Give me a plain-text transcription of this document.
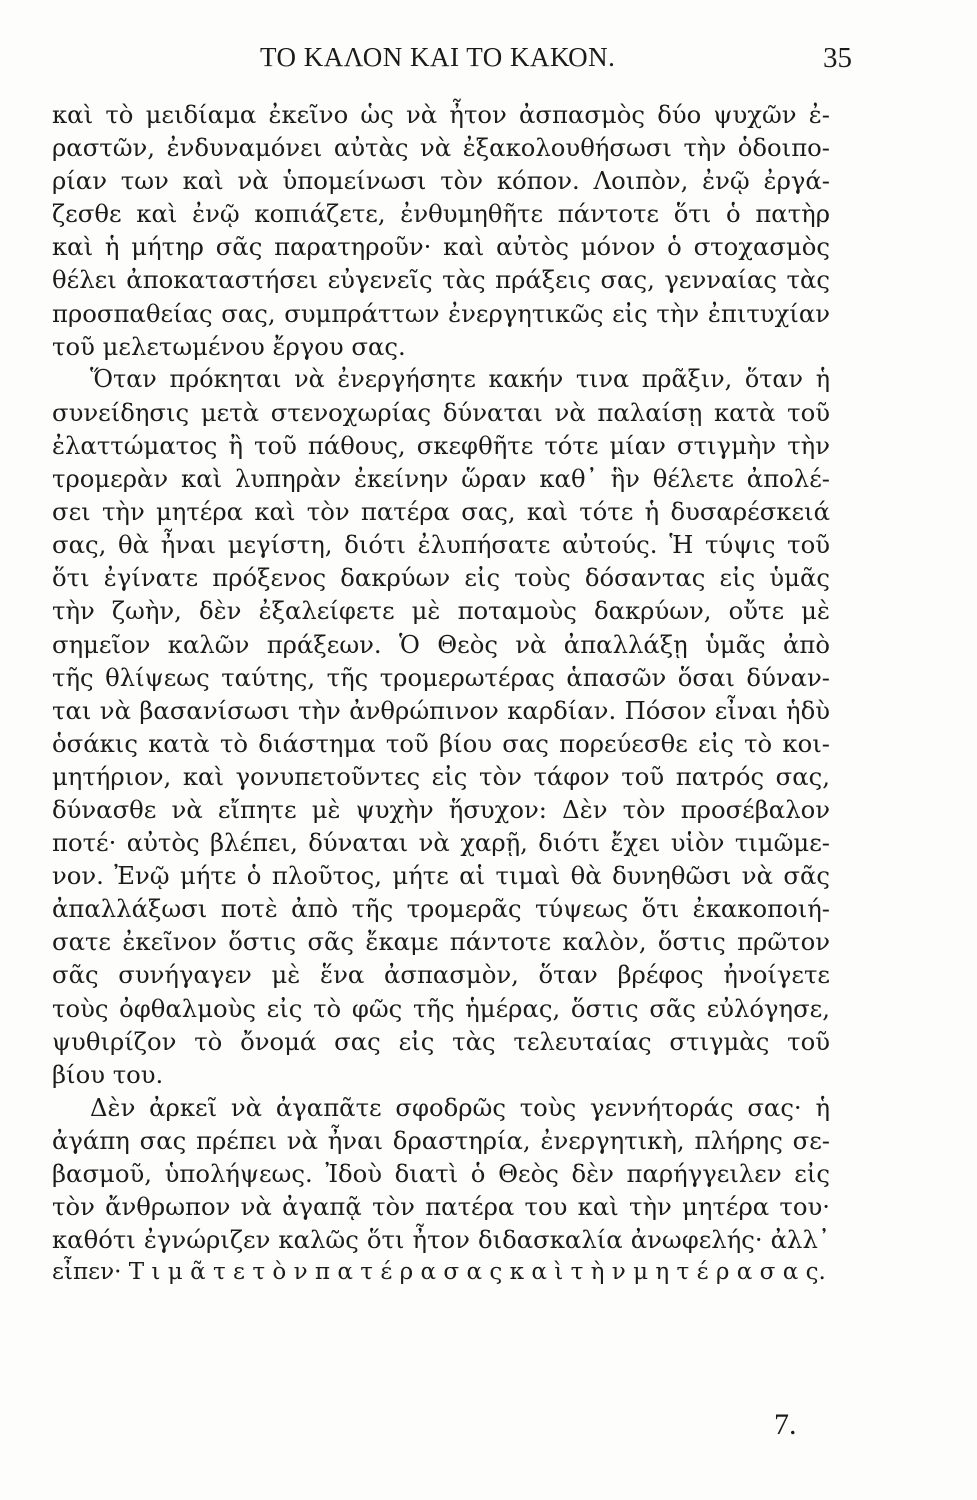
ΤΟ ΚΑΛΟΝ ΚΑΙ ΤΟ ΚΑΚΟΝ.	35
καὶ τὸ μειδίαμα ἐκεῖνο ὡς νὰ ἦτον ἀσπασμὸς δύο ψυχῶν ἐ-
ραστῶν, ἐνδυναμόνει αὐτὰς νὰ ἐξακολουθήσωσι τὴν ὁδοιπο-
ρίαν των καὶ νὰ ὑπομείνωσι τὸν κόπον. Λοιπὸν, ἐνῷ ἐργά-
ζεσθε καὶ ἐνῷ κοπιάζετε, ἐνθυμηθῆτε πάντοτε ὅτι ὁ πατὴρ
καὶ ἡ μήτηρ σᾶς παρατηροῦν· καὶ αὐτὸς μόνον ὁ στοχασμὸς
θέλει ἀποκαταστήσει εὐγενεῖς τὰς πράξεις σας, γενναίας τὰς
προσπαθείας σας, συμπράττων ἐνεργητικῶς εἰς τὴν ἐπιτυχίαν
τοῦ μελετωμένου ἔργου σας.
Ὅταν πρόκηται νὰ ἐνεργήσητε κακήν τινα πρᾶξιν, ὅταν ἡ
συνείδησις μετὰ στενοχωρίας δύναται νὰ παλαίσῃ κατὰ τοῦ
ἐλαττώματος ἢ τοῦ πάθους, σκεφθῆτε τότε μίαν στιγμὴν τὴν
τρομερὰν καὶ λυπηρὰν ἐκείνην ὥραν καθ᾽ ἣν θέλετε ἀπολέ-
σει τὴν μητέρα καὶ τὸν πατέρα σας, καὶ τότε ἡ δυσαρέσκειά
σας, θὰ ἦναι μεγίστη, διότι ἐλυπήσατε αὐτούς. Ἡ τύψις τοῦ
ὅτι ἐγίνατε πρόξενος δακρύων εἰς τοὺς δόσαντας εἰς ὑμᾶς
τὴν ζωὴν, δὲν ἐξαλείφετε μὲ ποταμοὺς δακρύων, οὔτε μὲ
σημεῖον καλῶν πράξεων. Ὁ Θεὸς νὰ ἀπαλλάξῃ ὑμᾶς ἀπὸ
τῆς θλίψεως ταύτης, τῆς τρομερωτέρας ἁπασῶν ὅσαι δύναν-
ται νὰ βασανίσωσι τὴν ἀνθρώπινον καρδίαν. Πόσον εἶναι ἡδὺ
ὁσάκις κατὰ τὸ διάστημα τοῦ βίου σας πορεύεσθε εἰς τὸ κοι-
μητήριον, καὶ γονυπετοῦντες εἰς τὸν τάφον τοῦ πατρός σας,
δύνασθε νὰ εἴπητε μὲ ψυχὴν ἥσυχον: Δὲν τὸν προσέβαλον
ποτέ· αὐτὸς βλέπει, δύναται νὰ χαρῇ, διότι ἔχει υἱὸν τιμῶμε-
νον. Ἐνῷ μήτε ὁ πλοῦτος, μήτε αἱ τιμαὶ θὰ δυνηθῶσι νὰ σᾶς
ἀπαλλάξωσι ποτὲ ἀπὸ τῆς τρομερᾶς τύψεως ὅτι ἐκακοποιή-
σατε ἐκεῖνον ὅστις σᾶς ἔκαμε πάντοτε καλὸν, ὅστις πρῶτον
σᾶς συνήγαγεν μὲ ἕνα ἀσπασμὸν, ὅταν βρέφος ἠνοίγετε
τοὺς ὀφθαλμοὺς εἰς τὸ φῶς τῆς ἡμέρας, ὅστις σᾶς εὐλόγησε,
ψυθιρίζον τὸ ὄνομά σας εἰς τὰς τελευταίας στιγμὰς τοῦ
βίου του.
Δὲν ἀρκεῖ νὰ ἀγαπᾶτε σφοδρῶς τοὺς γεννήτοράς σας· ἡ
ἀγάπη σας πρέπει νὰ ἦναι δραστηρία, ἐνεργητικὴ, πλήρης σε-
βασμοῦ, ὑπολήψεως. Ἰδοὺ διατὶ ὁ Θεὸς δὲν παρήγγειλεν εἰς
τὸν ἄνθρωπον νὰ ἀγαπᾷ τὸν πατέρα του καὶ τὴν μητέρα του·
καθότι ἐγνώριζεν καλῶς ὅτι ἦτον διδασκαλία ἀνωφελής· ἀλλ᾽
εἶπεν· Τ ι μ ᾶ τ ε τ ὸ ν π α τ έ ρ α σ α ς κ α ὶ τ ὴ ν μ η τ έ ρ α σ α ς.
7.
